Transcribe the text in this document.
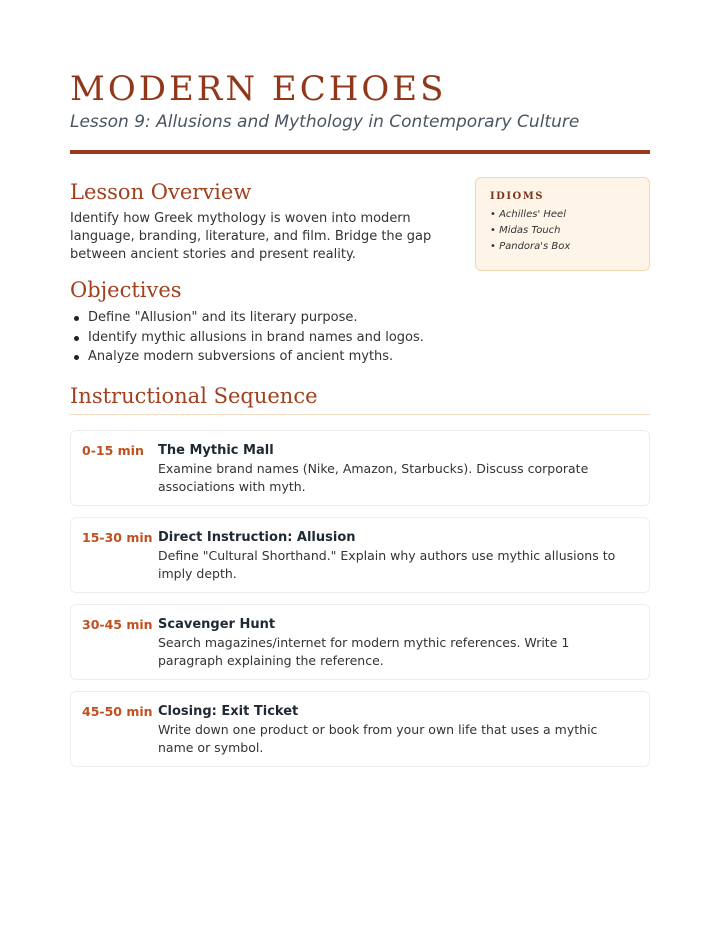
MODERN ECHOES
Lesson 9: Allusions and Mythology in Contemporary Culture
Lesson Overview

Identify how Greek mythology is woven into modern language, branding, literature, and film. Bridge the gap between ancient stories and present reality.

IDIOMS
• Achilles' Heel
• Midas Touch
• Pandora's Box
Objectives
Define "Allusion" and its literary purpose.
Identify mythic allusions in brand names and logos.
Analyze modern subversions of ancient myths.
Instructional Sequence
0-15 min The Mythic Mall
Examine brand names (Nike, Amazon, Starbucks). Discuss corporate associations with myth.
15-30 min Direct Instruction: Allusion
Define "Cultural Shorthand." Explain why authors use mythic allusions to imply depth.
30-45 min Scavenger Hunt
Search magazines/internet for modern mythic references. Write 1 paragraph explaining the reference.
45-50 min Closing: Exit Ticket
Write down one product or book from your own life that uses a mythic name or symbol.
